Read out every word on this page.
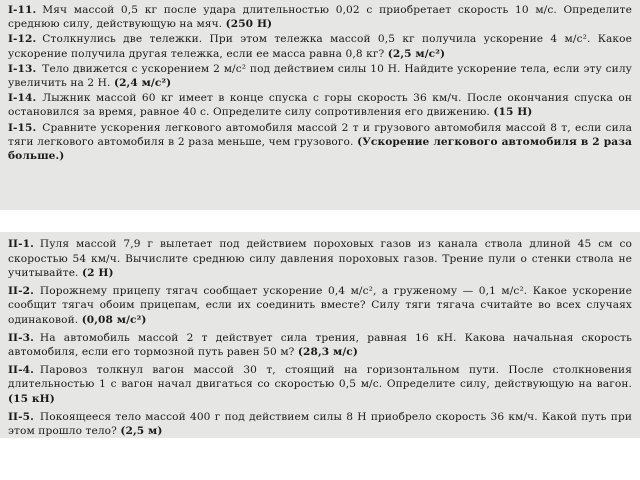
I-11. Мяч массой 0,5 кг после удара длительностью 0,02 с приобретает скорость 10 м/с. Определите среднюю силу, действующую на мяч. (250 Н)

I-12. Столкнулись две тележки. При этом тележка массой 0,5 кг получила ускорение 4 м/с². Какое ускорение получила другая тележка, если ее масса равна 0,8 кг? (2,5 м/с²)

I-13. Тело движется с ускорением 2 м/с² под действием силы 10 Н. Найдите ускорение тела, если эту силу увеличить на 2 Н. (2,4 м/с²)

I-14. Лыжник массой 60 кг имеет в конце спуска с горы скорость 36 км/ч. После окончания спуска он остановился за время, равное 40 с. Определите силу сопротивления его движению. (15 Н)

I-15. Сравните ускорения легкового автомобиля массой 2 т и грузового автомобиля массой 8 т, если сила тяги легкового автомобиля в 2 раза меньше, чем грузового. (Ускорение легкового автомобиля в 2 раза больше.)

II-1. Пуля массой 7,9 г вылетает под действием пороховых газов из канала ствола длиной 45 см со скоростью 54 км/ч. Вычислите среднюю силу давления пороховых газов. Трение пули о стенки ствола не учитывайте. (2 Н)

II-2. Порожнему прицепу тягач сообщает ускорение 0,4 м/с², а груженому — 0,1 м/с². Какое ускорение сообщит тягач обоим прицепам, если их соединить вместе? Силу тяги тягача считайте во всех случаях одинаковой. (0,08 м/с²)

II-3. На автомобиль массой 2 т действует сила трения, равная 16 кН. Какова начальная скорость автомобиля, если его тормозной путь равен 50 м? (28,3 м/с)

II-4. Паровоз толкнул вагон массой 30 т, стоящий на горизонтальном пути. После столкновения длительностью 1 с вагон начал двигаться со скоростью 0,5 м/с. Определите силу, действующую на вагон. (15 кН)

II-5. Покоящееся тело массой 400 г под действием силы 8 Н приобрело скорость 36 км/ч. Какой путь при этом прошло тело? (2,5 м)
